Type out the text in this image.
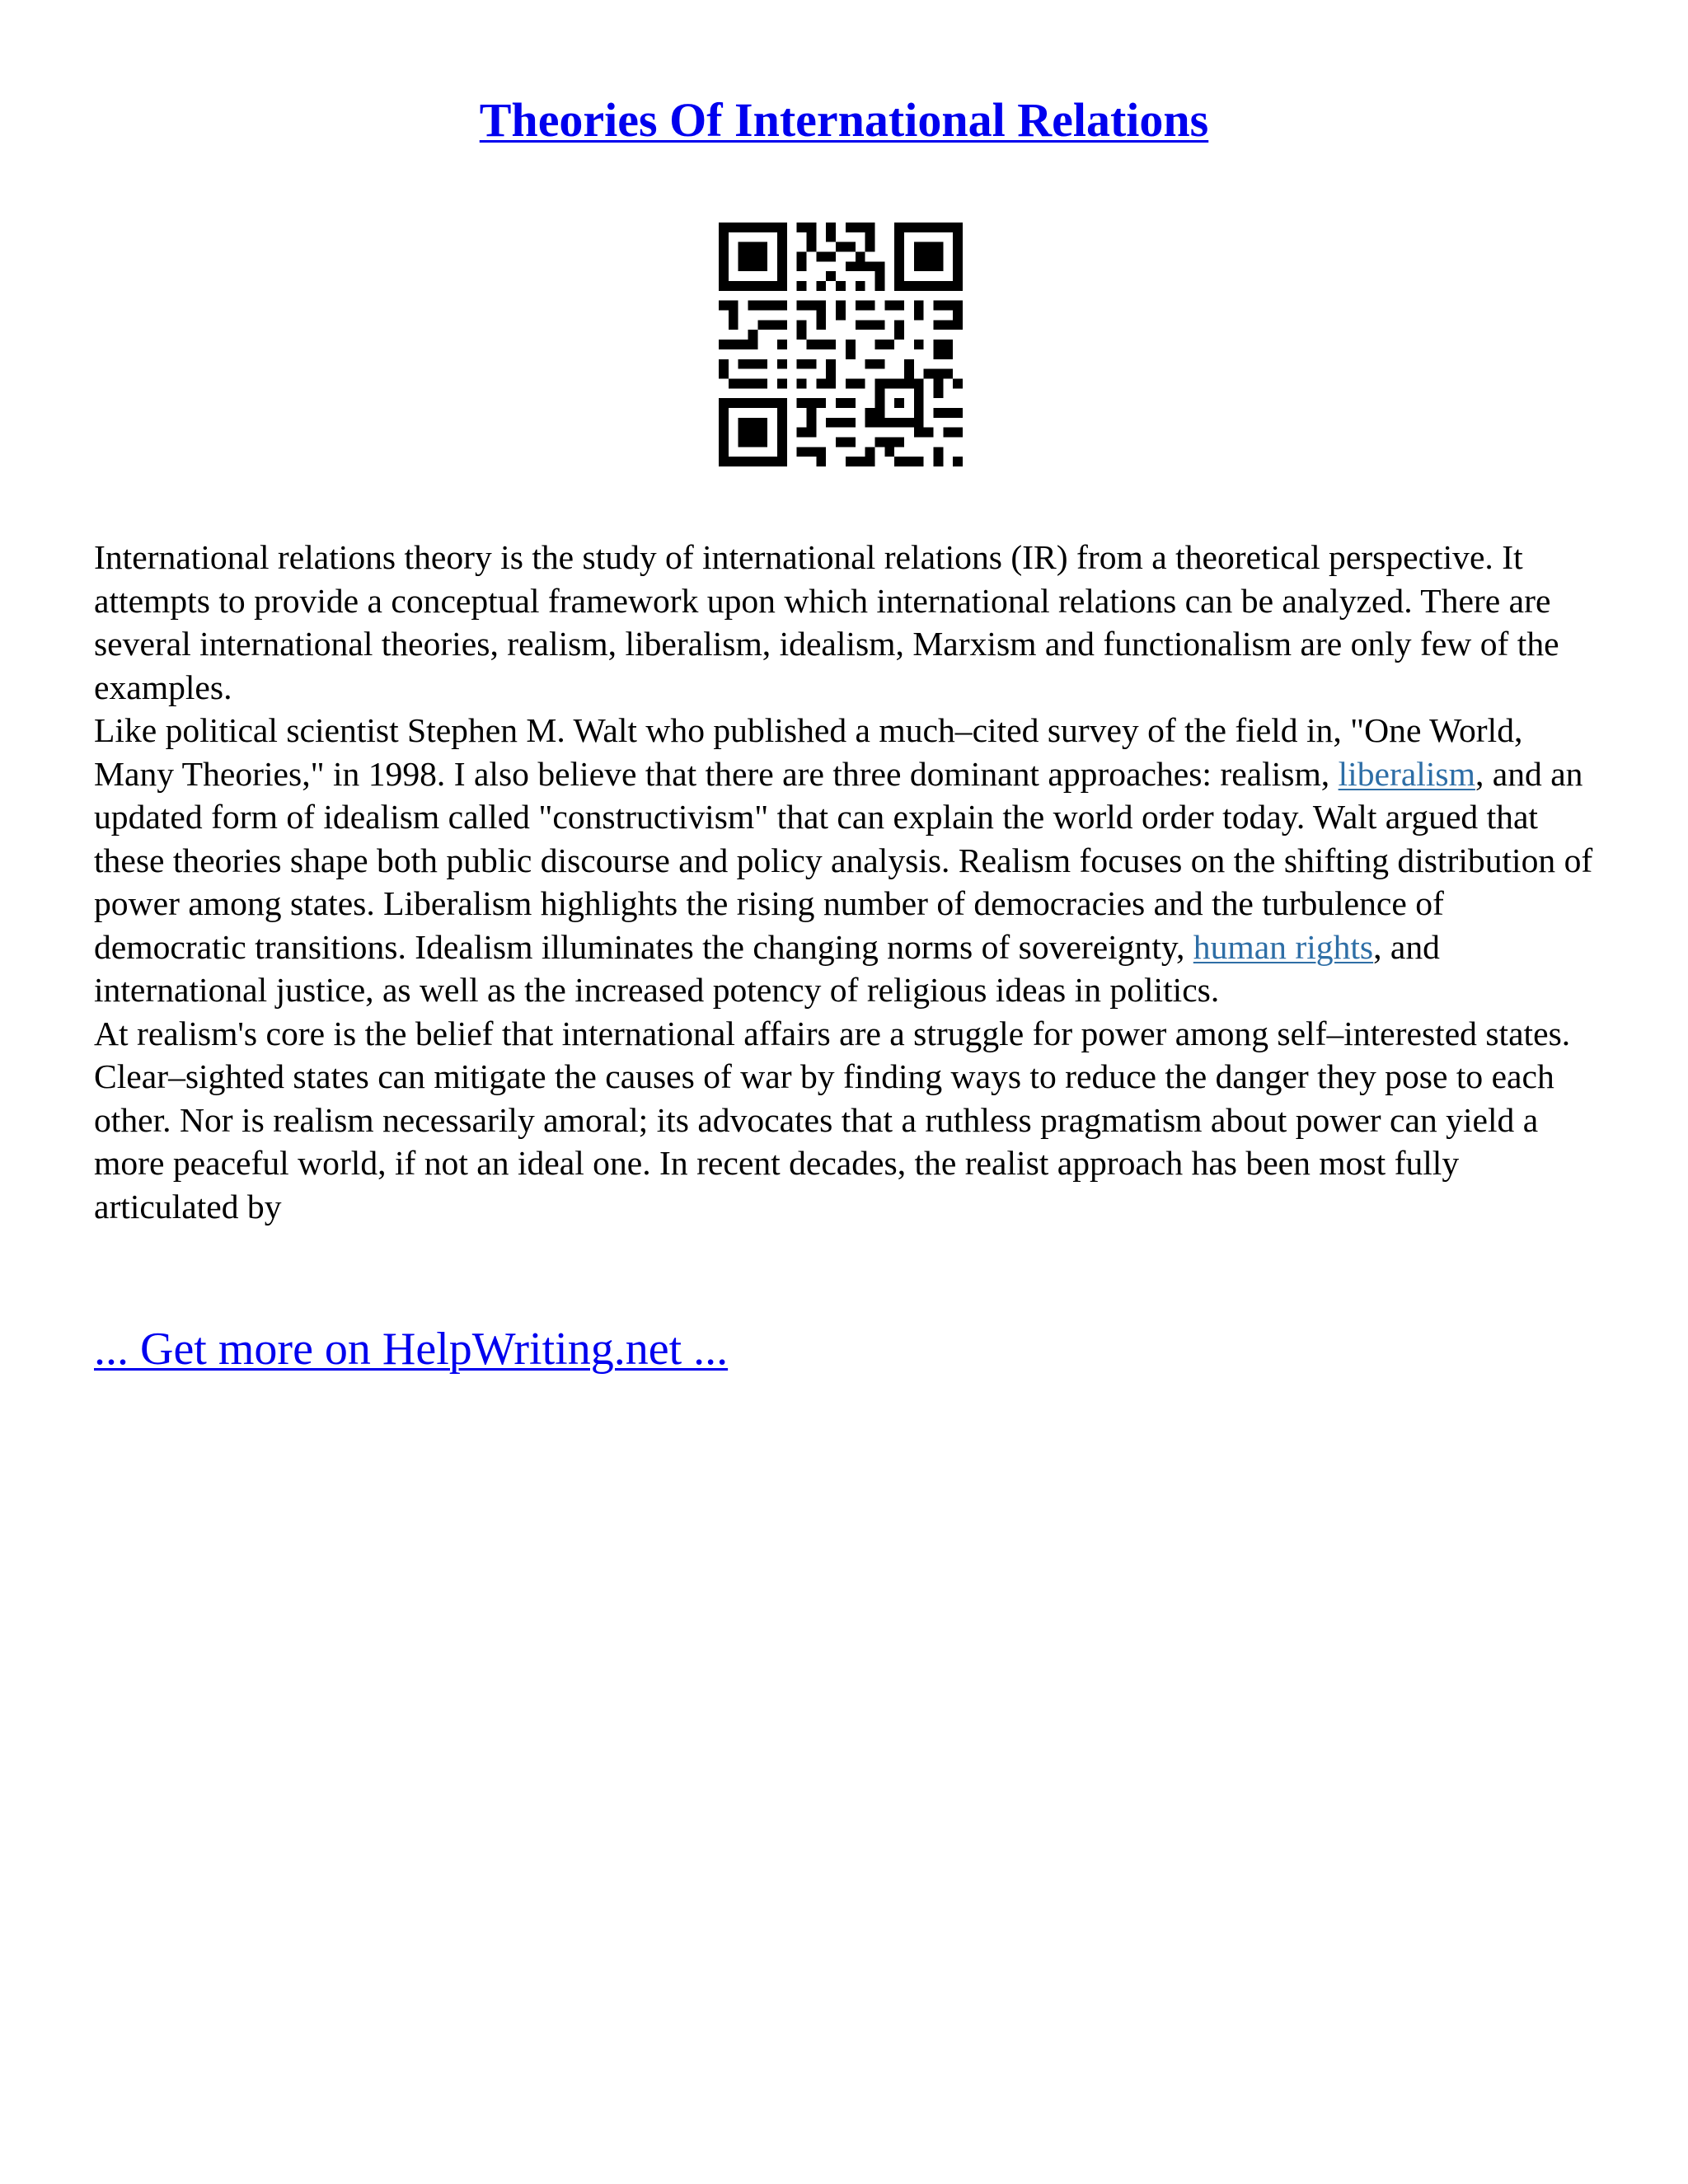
Theories Of International Relations

International relations theory is the study of international relations (IR) from a theoretical perspective. It attempts to provide a conceptual framework upon which international relations can be analyzed. There are several international theories, realism, liberalism, idealism, Marxism and functionalism are only few of the examples.

Like political scientist Stephen M. Walt who published a much–cited survey of the field in, "One World, Many Theories," in 1998. I also believe that there are three dominant approaches: realism, liberalism, and an updated form of idealism called "constructivism" that can explain the world order today. Walt argued that these theories shape both public discourse and policy analysis. Realism focuses on the shifting distribution of power among states. Liberalism highlights the rising number of democracies and the turbulence of democratic transitions. Idealism illuminates the changing norms of sovereignty, human rights, and international justice, as well as the increased potency of religious ideas in politics.

At realism's core is the belief that international affairs are a struggle for power among self–interested states. Clear–sighted states can mitigate the causes of war by finding ways to reduce the danger they pose to each other. Nor is realism necessarily amoral; its advocates that a ruthless pragmatism about power can yield a more peaceful world, if not an ideal one. In recent decades, the realist approach has been most fully articulated by

... Get more on HelpWriting.net ...
